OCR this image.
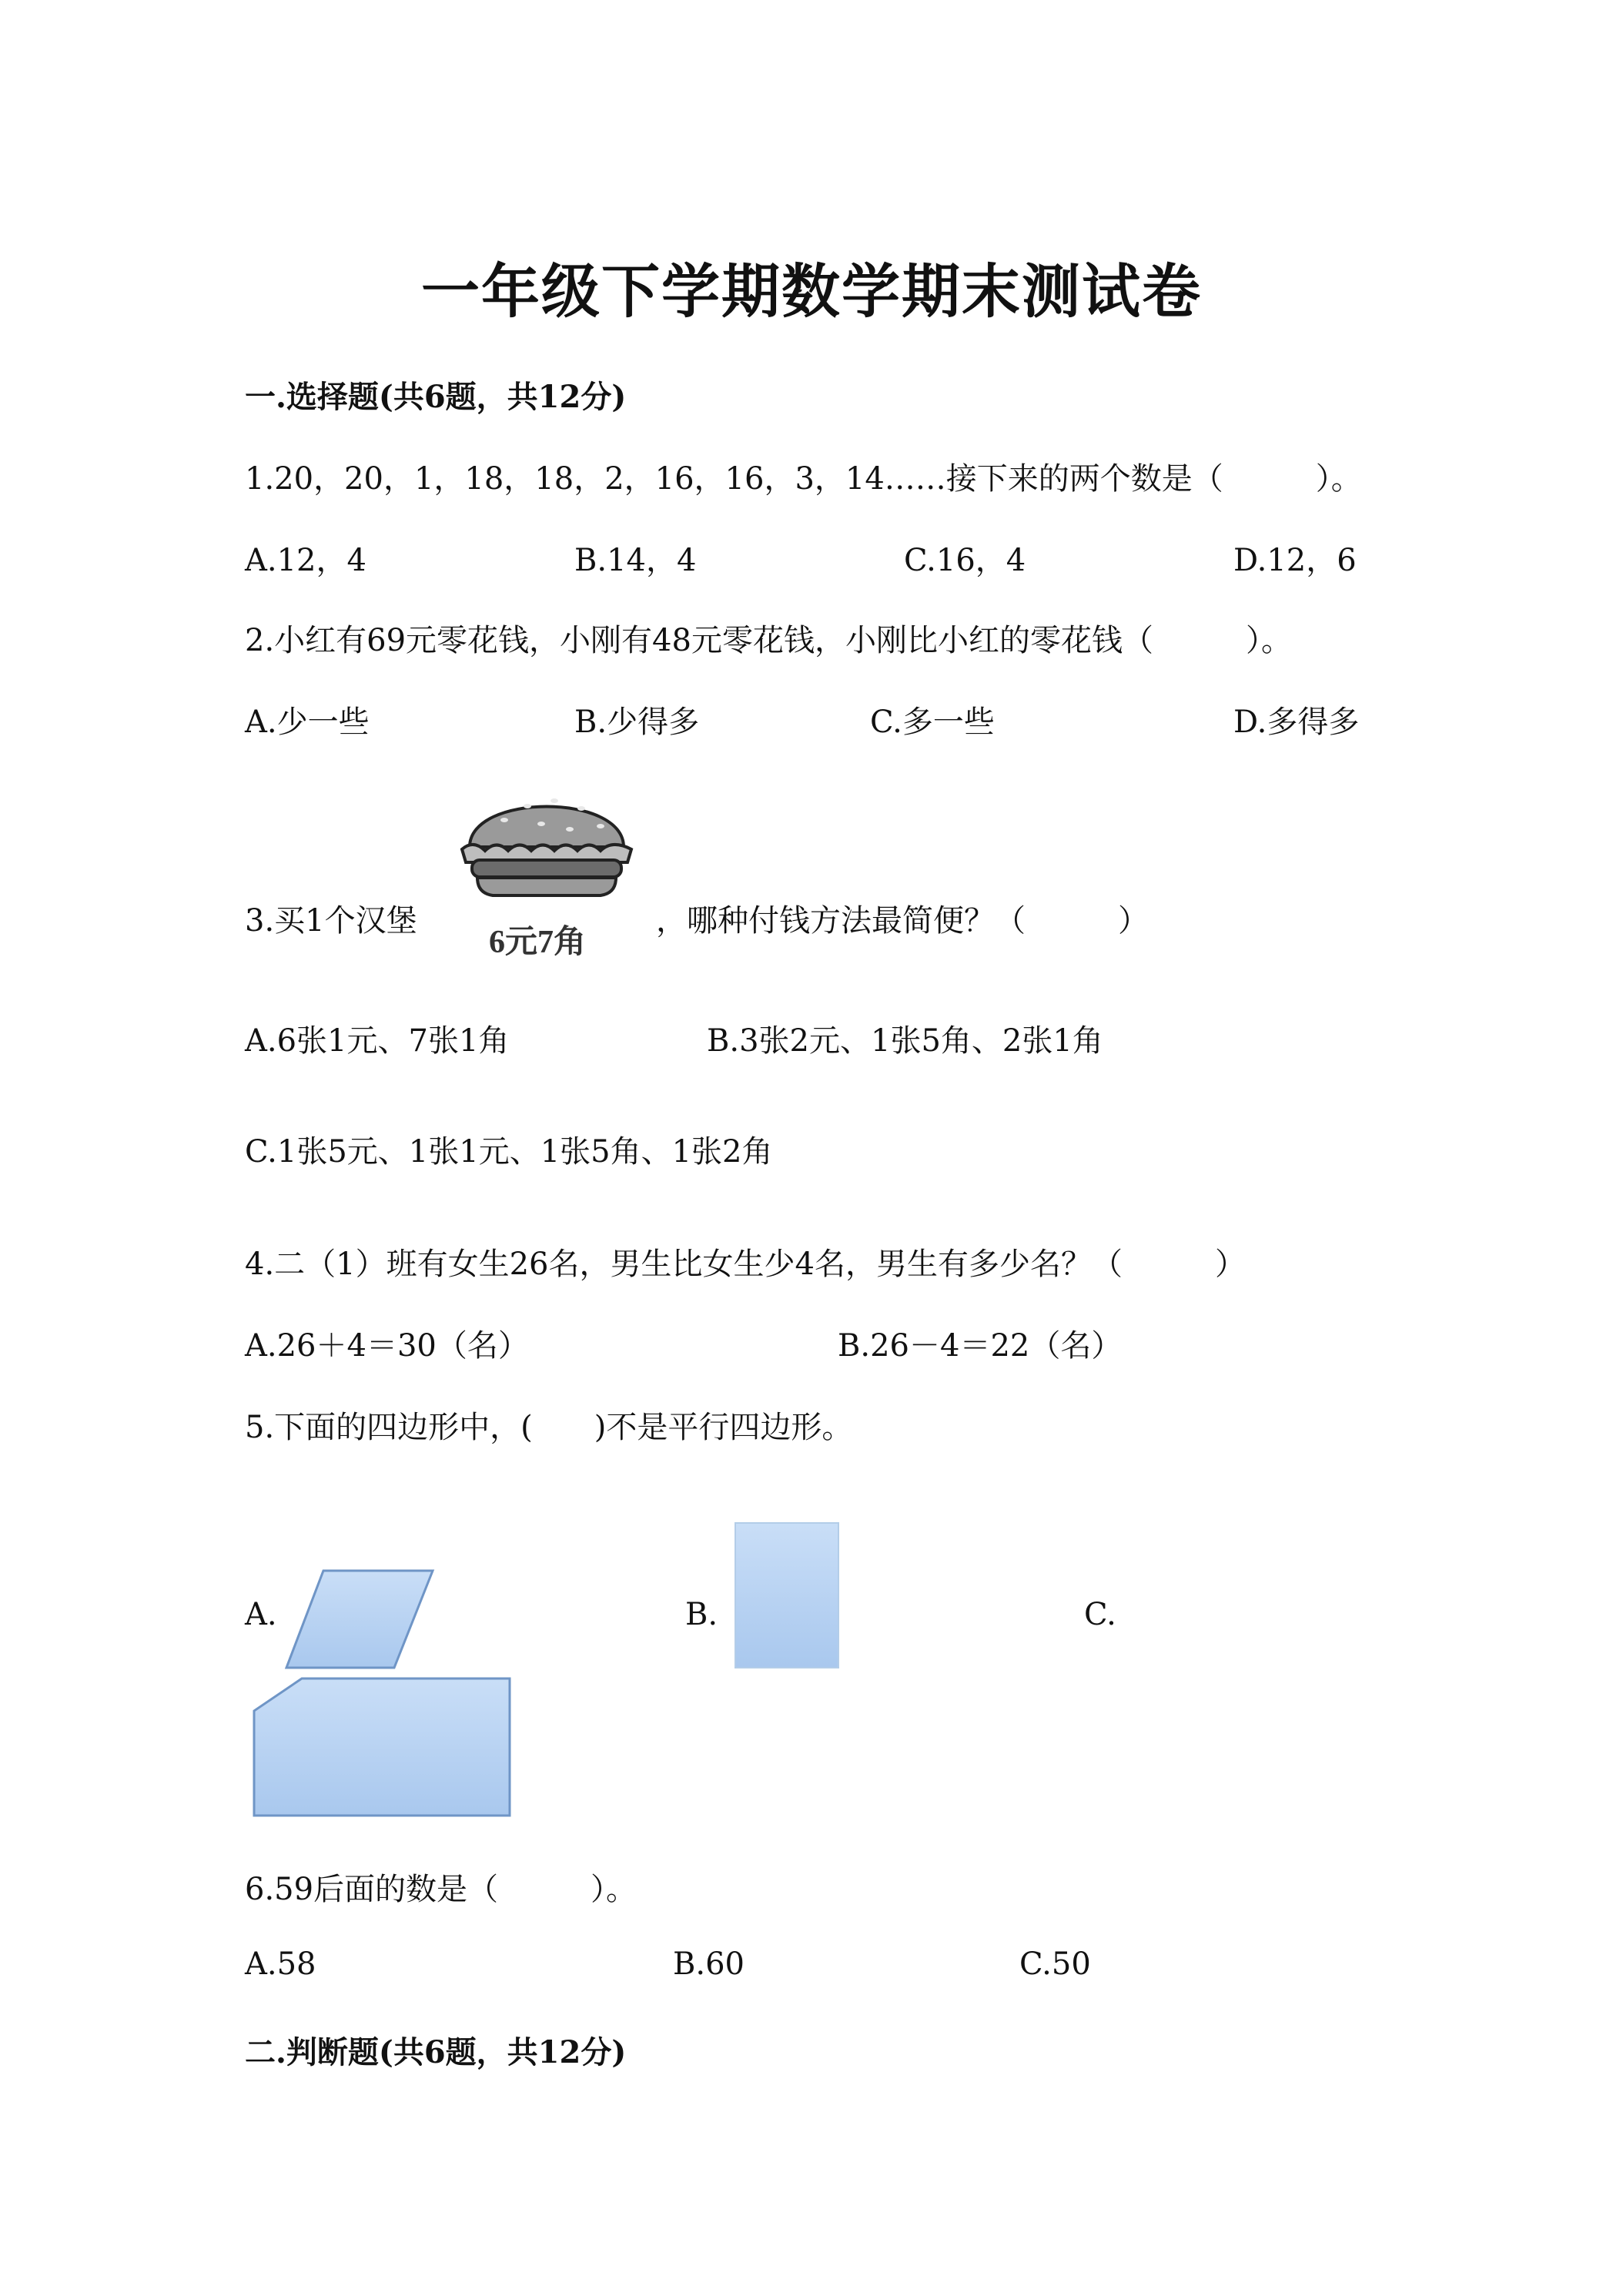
一年级下学期数学期末测试卷
一.选择题(共6题，共12分)
1.20，20，1，18，18，2，16，16，3，14……接下来的两个数是（　　　）。
A.12，4	B.14，4	C.16，4	D.12，6
2.小红有69元零花钱，小刚有48元零花钱，小刚比小红的零花钱（　　　）。
A.少一些	B.少得多	C.多一些	D.多得多
3.买1个汉堡
6元7角
，哪种付钱方法最简便？（　　　）
A.6张1元、7张1角	B.3张2元、1张5角、2张1角
C.1张5元、1张1元、1张5角、1张2角
4.二（1）班有女生26名，男生比女生少4名，男生有多少名？（　　　）
A.26＋4＝30（名）	B.26－4＝22（名）
5.下面的四边形中，(　　)不是平行四边形。
A.	B.	C.
6.59后面的数是（　　　）。
A.58	B.60	C.50
二.判断题(共6题，共12分)
